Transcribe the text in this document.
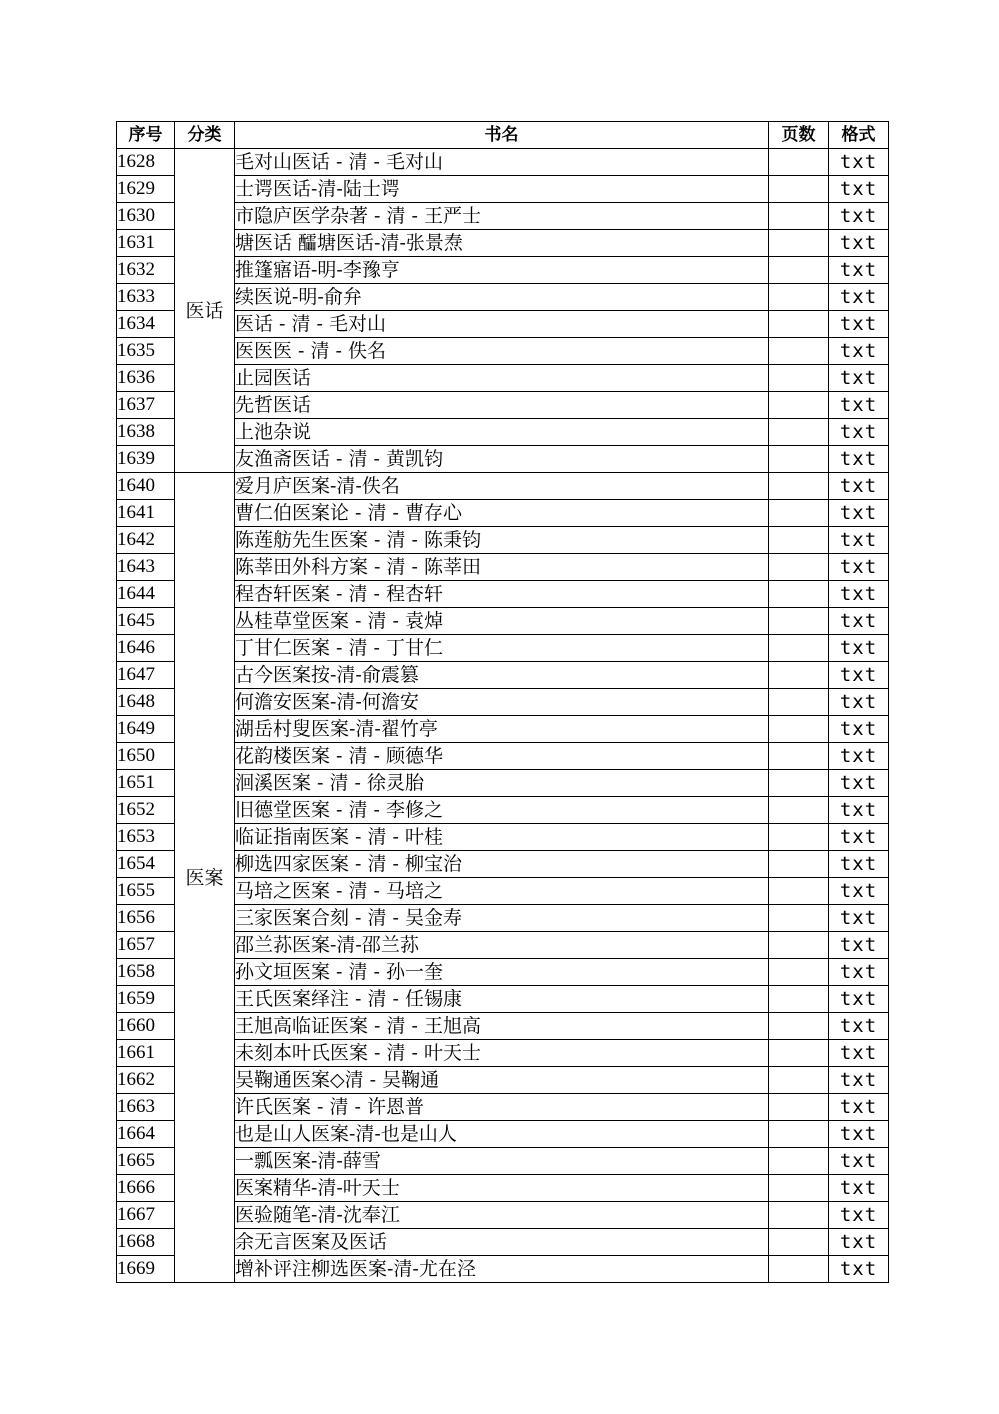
序号	分类	书名	页数	格式
1628	医话	毛对山医话 - 清 - 毛对山		txt
1629		士谔医话-清-陆士谔		txt
1630		市隐庐医学杂著 - 清 - 王严士		txt
1631		塘医话 醽塘医话-清-张景焘		txt
1632		推篷寤语-明-李豫亨		txt
1633		续医说-明-俞弁		txt
1634		医话 - 清 - 毛对山		txt
1635		医医医 - 清 - 佚名		txt
1636		止园医话		txt
1637		先哲医话		txt
1638		上池杂说		txt
1639		友渔斋医话 - 清 - 黄凯钧		txt
1640	医案	爱月庐医案-清-佚名		txt
1641		曹仁伯医案论 - 清 - 曹存心		txt
1642		陈莲舫先生医案 - 清 - 陈秉钧		txt
1643		陈莘田外科方案 - 清 - 陈莘田		txt
1644		程杏轩医案 - 清 - 程杏轩		txt
1645		丛桂草堂医案 - 清 - 袁焯		txt
1646		丁甘仁医案 - 清 - 丁甘仁		txt
1647		古今医案按-清-俞震篡		txt
1648		何澹安医案-清-何澹安		txt
1649		湖岳村叟医案-清-翟竹亭		txt
1650		花韵楼医案 - 清 - 顾德华		txt
1651		洄溪医案 - 清 - 徐灵胎		txt
1652		旧德堂医案 - 清 - 李修之		txt
1653		临证指南医案 - 清 - 叶桂		txt
1654		柳选四家医案 - 清 - 柳宝治		txt
1655		马培之医案 - 清 - 马培之		txt
1656		三家医案合刻 - 清 - 吴金寿		txt
1657		邵兰荪医案-清-邵兰荪		txt
1658		孙文垣医案 - 清 - 孙一奎		txt
1659		王氏医案绎注 - 清 - 任锡康		txt
1660		王旭高临证医案 - 清 - 王旭高		txt
1661		未刻本叶氏医案 - 清 - 叶天士		txt
1662		吴鞠通医案◇清 - 吴鞠通		txt
1663		许氏医案 - 清 - 许恩普		txt
1664		也是山人医案-清-也是山人		txt
1665		一瓢医案-清-薛雪		txt
1666		医案精华-清-叶天士		txt
1667		医验随笔-清-沈奉江		txt
1668		余无言医案及医话		txt
1669		增补评注柳选医案-清-尤在泾		txt
